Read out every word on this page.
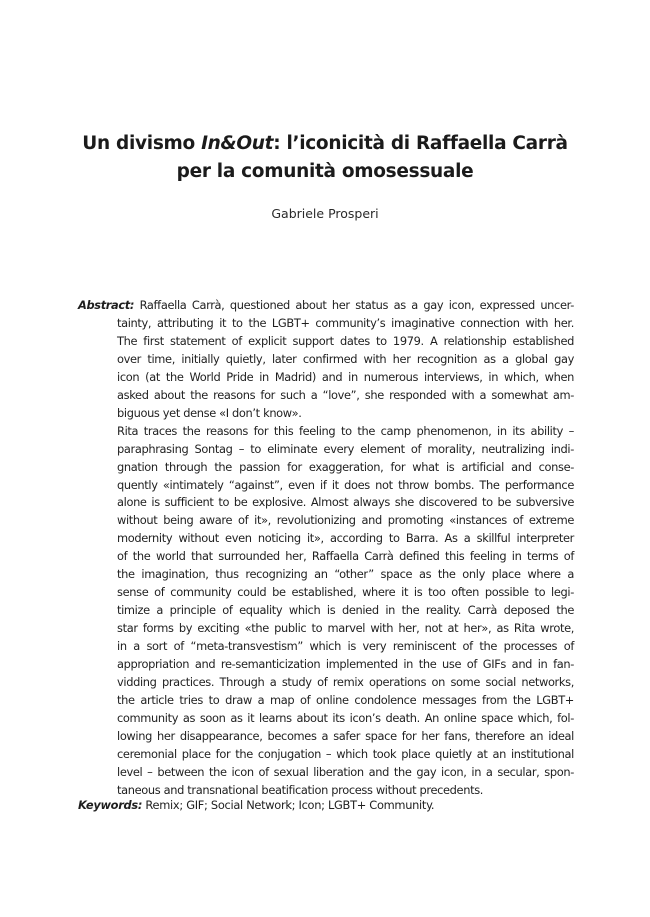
Un divismo In&Out: l’iconicità di Raffaella Carrà
per la comunità omosessuale
Gabriele Prosperi
Abstract: Raffaella Carrà, questioned about her status as a gay icon, expressed uncer-
tainty, attributing it to the LGBT+ community’s imaginative connection with her.
The first statement of explicit support dates to 1979. A relationship established
over time, initially quietly, later confirmed with her recognition as a global gay
icon (at the World Pride in Madrid) and in numerous interviews, in which, when
asked about the reasons for such a “love”, she responded with a somewhat am-
biguous yet dense «I don’t know».
Rita traces the reasons for this feeling to the camp phenomenon, in its ability –
paraphrasing Sontag – to eliminate every element of morality, neutralizing indi-
gnation through the passion for exaggeration, for what is artificial and conse-
quently «intimately “against”, even if it does not throw bombs. The performance
alone is sufficient to be explosive. Almost always she discovered to be subversive
without being aware of it», revolutionizing and promoting «instances of extreme
modernity without even noticing it», according to Barra. As a skillful interpreter
of the world that surrounded her, Raffaella Carrà defined this feeling in terms of
the imagination, thus recognizing an “other” space as the only place where a
sense of community could be established, where it is too often possible to legi-
timize a principle of equality which is denied in the reality. Carrà deposed the
star forms by exciting «the public to marvel with her, not at her», as Rita wrote,
in a sort of “meta-transvestism” which is very reminiscent of the processes of
appropriation and re-semanticization implemented in the use of GIFs and in fan-
vidding practices. Through a study of remix operations on some social networks,
the article tries to draw a map of online condolence messages from the LGBT+
community as soon as it learns about its icon’s death. An online space which, fol-
lowing her disappearance, becomes a safer space for her fans, therefore an ideal
ceremonial place for the conjugation – which took place quietly at an institutional
level – between the icon of sexual liberation and the gay icon, in a secular, spon-
taneous and transnational beatification process without precedents.
Keywords: Remix; GIF; Social Network; Icon; LGBT+ Community.
